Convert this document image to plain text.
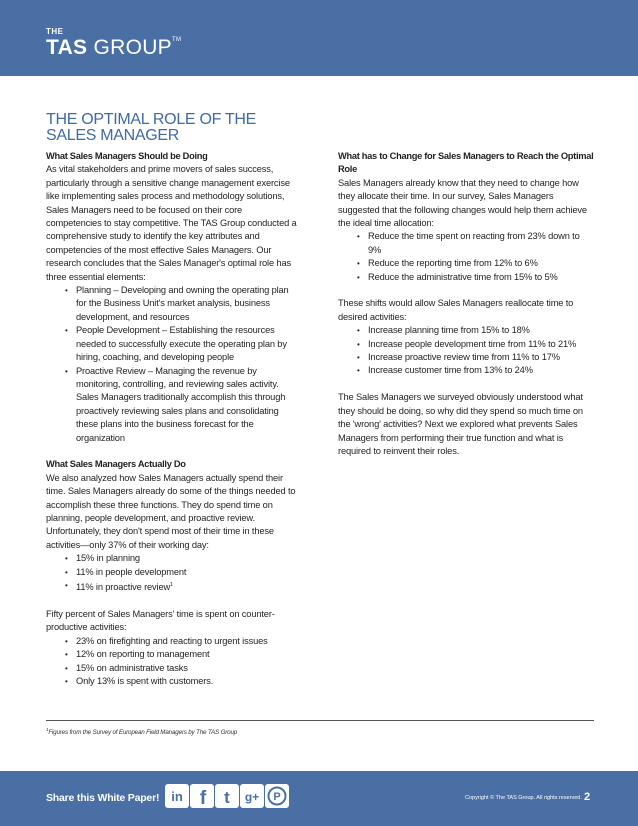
THE
TAS GROUP™
THE OPTIMAL ROLE OF THE
SALES MANAGER
What Sales Managers Should be Doing

As vital stakeholders and prime movers of sales success, particularly through a sensitive change management exercise like implementing sales process and methodology solutions, Sales Managers need to be focused on their core competencies to stay competitive. The TAS Group conducted a comprehensive study to identify the key attributes and competencies of the most effective Sales Managers. Our research concludes that the Sales Manager's optimal role has three essential elements:

• Planning – Developing and owning the operating plan for the Business Unit's market analysis, business development, and resources
• People Development – Establishing the resources needed to successfully execute the operating plan by hiring, coaching, and developing people
• Proactive Review – Managing the revenue by monitoring, controlling, and reviewing sales activity. Sales Managers traditionally accomplish this through proactively reviewing sales plans and consolidating these plans into the business forecast for the organization
What Sales Managers Actually Do

We also analyzed how Sales Managers actually spend their time. Sales Managers already do some of the things needed to accomplish these three functions. They do spend time on planning, people development, and proactive review. Unfortunately, they don't spend most of their time in these activities—only 37% of their working day:

• 15% in planning
• 11% in people development
• 11% in proactive review$^1$

Fifty percent of Sales Managers' time is spent on counter-productive activities:

• 23% on firefighting and reacting to urgent issues
• 12% on reporting to management
• 15% on administrative tasks
• Only 13% is spent with customers.
What has to Change for Sales Managers to Reach the Optimal Role

Sales Managers already know that they need to change how they allocate their time. In our survey, Sales Managers suggested that the following changes would help them achieve the ideal time allocation:

• Reduce the time spent on reacting from 23% down to 9%
• Reduce the reporting time from 12% to 6%
• Reduce the administrative time from 15% to 5%

These shifts would allow Sales Managers reallocate time to desired activities:

• Increase planning time from 15% to 18%
• Increase people development time from 11% to 21%
• Increase proactive review time from 11% to 17%
• Increase customer time from 13% to 24%

The Sales Managers we surveyed obviously understood what they should be doing, so why did they spend so much time on the 'wrong' activities? Next we explored what prevents Sales Managers from performing their true function and what is required to reinvent their roles.

$^1$Figures from the Survey of European Field Managers by The TAS Group
Share this White Paper! in f t g+ P	Copyright © The TAS Group. All rights reserved. 2
